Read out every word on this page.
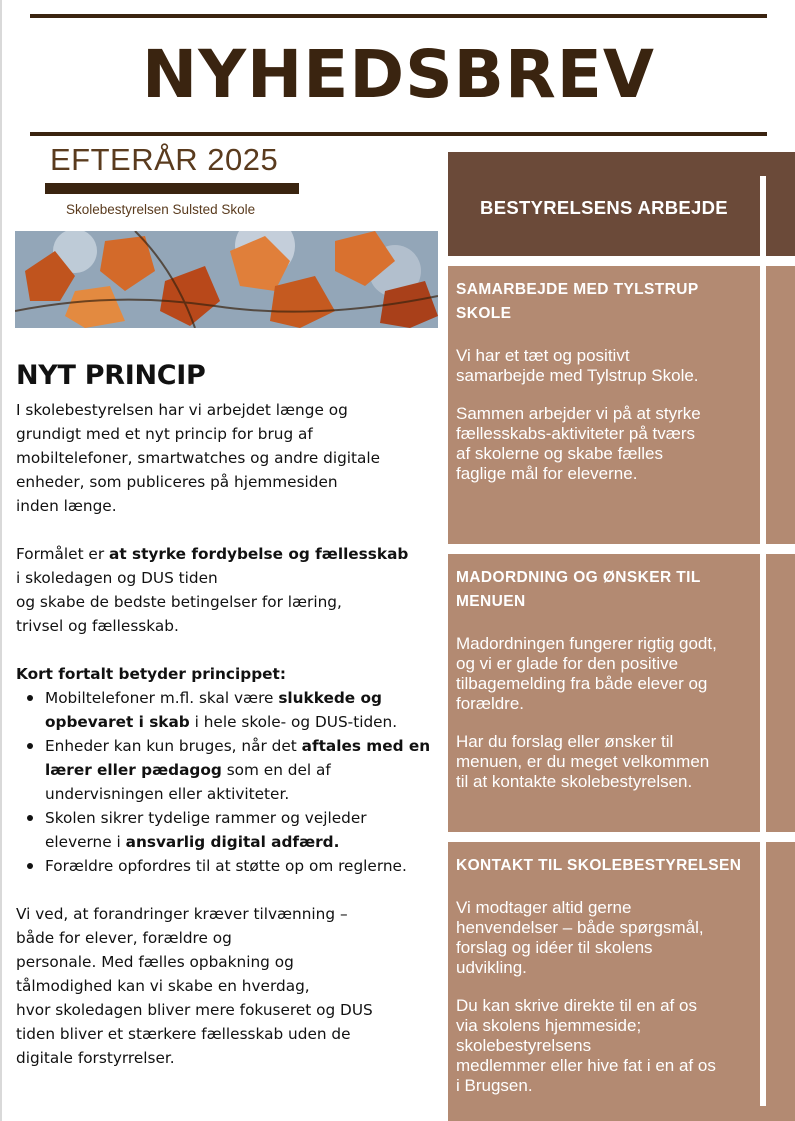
NYHEDSBREV
EFTERÅR 2025
Skolebestyrelsen Sulsted Skole
NYT PRINCIP
I skolebestyrelsen har vi arbejdet længe og
grundigt med et nyt princip for brug af
mobiltelefoner, smartwatches og andre digitale
enheder, som publiceres på hjemmesiden
inden længe.
Formålet er at styrke fordybelse og fællesskab
i skoledagen og DUS tiden
og skabe de bedste betingelser for læring,
trivsel og fællesskab.
Kort fortalt betyder princippet:
Mobiltelefoner m.fl. skal være slukkede og opbevaret i skab i hele skole- og DUS-tiden.
Enheder kan kun bruges, når det aftales med en lærer eller pædagog som en del af undervisningen eller aktiviteter.
Skolen sikrer tydelige rammer og vejleder eleverne i ansvarlig digital adfærd.
Forældre opfordres til at støtte op om reglerne.
Vi ved, at forandringer kræver tilvænning –
både for elever, forældre og
personale. Med fælles opbakning og
tålmodighed kan vi skabe en hverdag,
hvor skoledagen bliver mere fokuseret og DUS
tiden bliver et stærkere fællesskab uden de
digitale forstyrrelser.
BESTYRELSENS ARBEJDE
SAMARBEJDE MED TYLSTRUP SKOLE
Vi har et tæt og positivt
samarbejde med Tylstrup Skole.
Sammen arbejder vi på at styrke
fællesskabs-aktiviteter på tværs
af skolerne og skabe fælles
faglige mål for eleverne.
MADORDNING OG ØNSKER TIL MENUEN
Madordningen fungerer rigtig godt,
og vi er glade for den positive
tilbagemelding fra både elever og
forældre.
Har du forslag eller ønsker til
menuen, er du meget velkommen
til at kontakte skolebestyrelsen.
KONTAKT TIL SKOLEBESTYRELSEN
Vi modtager altid gerne
henvendelser – både spørgsmål,
forslag og idéer til skolens
udvikling.
Du kan skrive direkte til en af os
via skolens hjemmeside;
skolebestyrelsens
medlemmer eller hive fat i en af os
i Brugsen.
